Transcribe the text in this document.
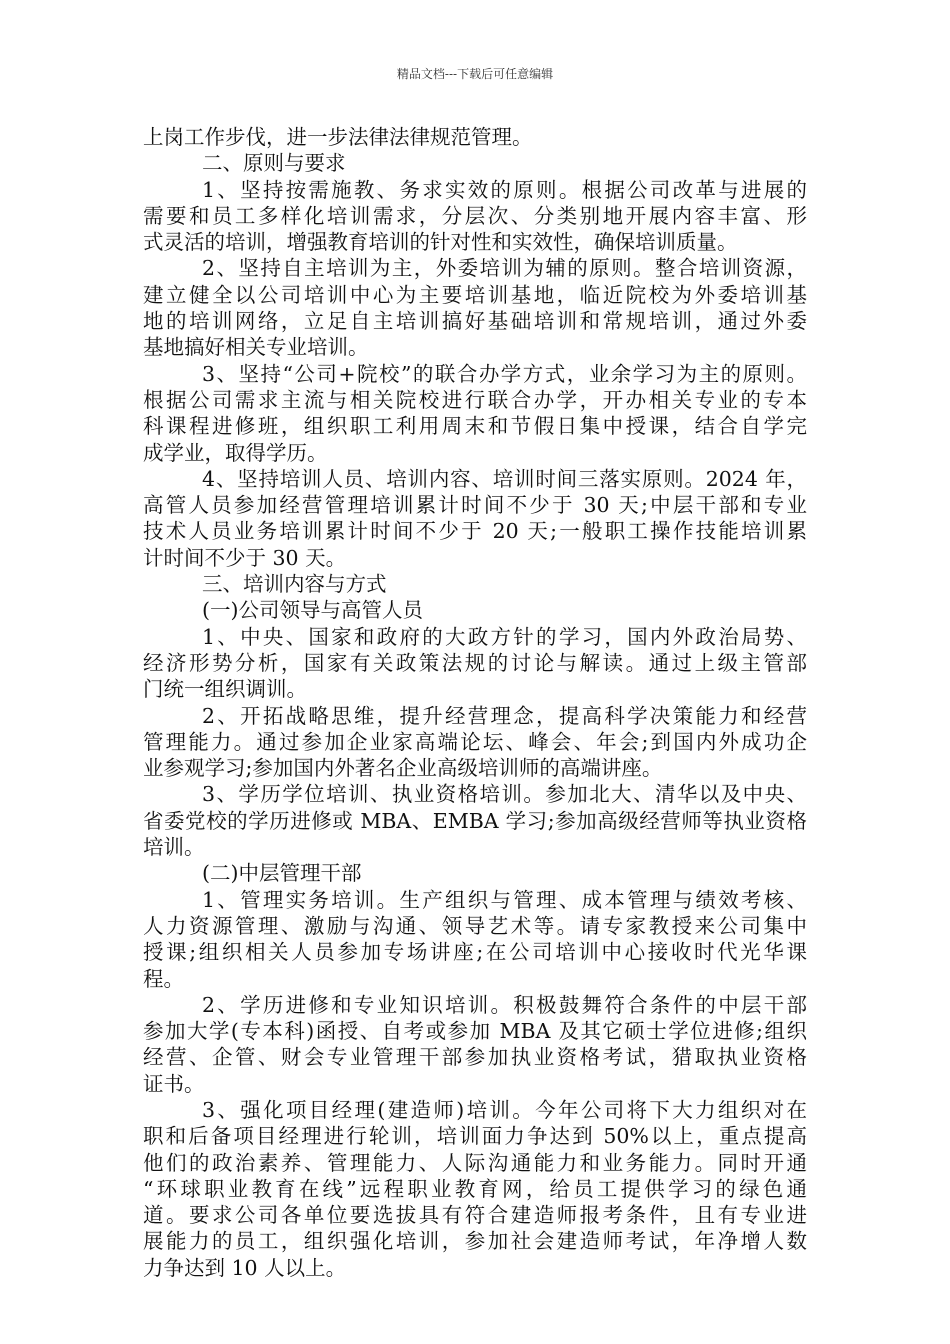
精品文档---下载后可任意编辑
上岗工作步伐，进一步法律法律规范管理。
二、原则与要求
1、坚持按需施教、务求实效的原则。根据公司改革与进展的
需要和员工多样化培训需求，分层次、分类别地开展内容丰富、形
式灵活的培训，增强教育培训的针对性和实效性，确保培训质量。
2、坚持自主培训为主，外委培训为辅的原则。整合培训资源，
建立健全以公司培训中心为主要培训基地，临近院校为外委培训基
地的培训网络，立足自主培训搞好基础培训和常规培训，通过外委
基地搞好相关专业培训。
3、坚持“公司+院校”的联合办学方式，业余学习为主的原则。
根据公司需求主流与相关院校进行联合办学，开办相关专业的专本
科课程进修班，组织职工利用周末和节假日集中授课，结合自学完
成学业，取得学历。
4、坚持培训人员、培训内容、培训时间三落实原则。2024 年，
高管人员参加经营管理培训累计时间不少于 30 天;中层干部和专业
技术人员业务培训累计时间不少于 20 天;一般职工操作技能培训累
计时间不少于 30 天。
三、培训内容与方式
(一)公司领导与高管人员
1、中央、国家和政府的大政方针的学习，国内外政治局势、
经济形势分析，国家有关政策法规的讨论与解读。通过上级主管部
门统一组织调训。
2、开拓战略思维，提升经营理念，提高科学决策能力和经营
管理能力。通过参加企业家高端论坛、峰会、年会;到国内外成功企
业参观学习;参加国内外著名企业高级培训师的高端讲座。
3、学历学位培训、执业资格培训。参加北大、清华以及中央、
省委党校的学历进修或 MBA、EMBA 学习;参加高级经营师等执业资格
培训。
(二)中层管理干部
1、管理实务培训。生产组织与管理、成本管理与绩效考核、
人力资源管理、激励与沟通、领导艺术等。请专家教授来公司集中
授课;组织相关人员参加专场讲座;在公司培训中心接收时代光华课
程。
2、学历进修和专业知识培训。积极鼓舞符合条件的中层干部
参加大学(专本科)函授、自考或参加 MBA 及其它硕士学位进修;组织
经营、企管、财会专业管理干部参加执业资格考试，猎取执业资格
证书。
3、强化项目经理(建造师)培训。今年公司将下大力组织对在
职和后备项目经理进行轮训，培训面力争达到 50%以上，重点提高
他们的政治素养、管理能力、人际沟通能力和业务能力。同时开通
“环球职业教育在线”远程职业教育网，给员工提供学习的绿色通
道。要求公司各单位要选拔具有符合建造师报考条件，且有专业进
展能力的员工，组织强化培训，参加社会建造师考试，年净增人数
力争达到 10 人以上。
